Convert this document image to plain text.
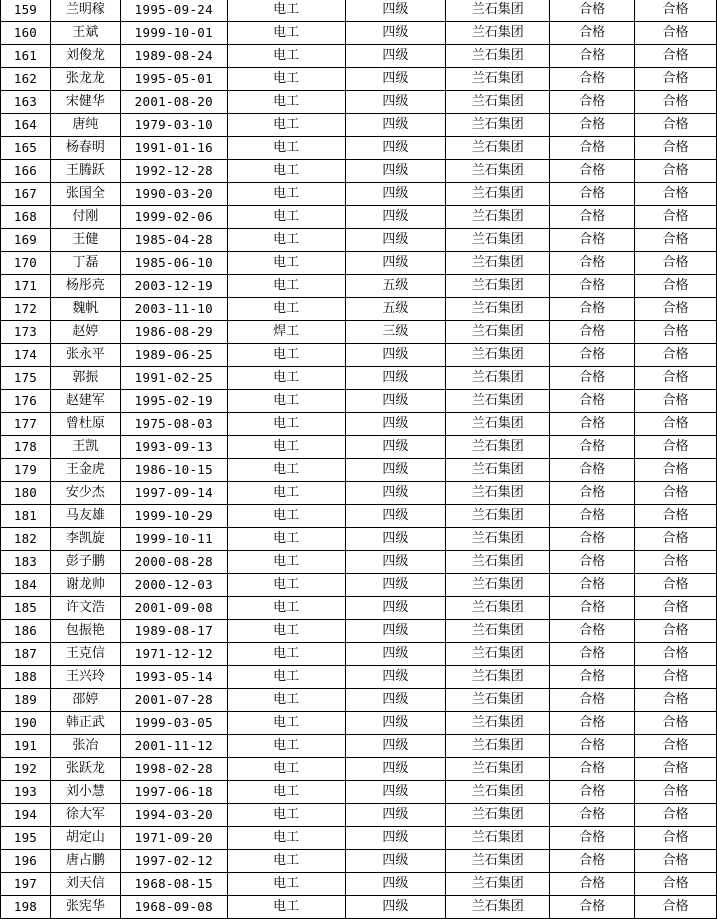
159	兰明稼	1995-09-24	电工	四级	兰石集团	合格	合格
160	王斌	1999-10-01	电工	四级	兰石集团	合格	合格
161	刘俊龙	1989-08-24	电工	四级	兰石集团	合格	合格
162	张龙龙	1995-05-01	电工	四级	兰石集团	合格	合格
163	宋健华	2001-08-20	电工	四级	兰石集团	合格	合格
164	唐纯	1979-03-10	电工	四级	兰石集团	合格	合格
165	杨春明	1991-01-16	电工	四级	兰石集团	合格	合格
166	王腾跃	1992-12-28	电工	四级	兰石集团	合格	合格
167	张国全	1990-03-20	电工	四级	兰石集团	合格	合格
168	付刚	1999-02-06	电工	四级	兰石集团	合格	合格
169	王健	1985-04-28	电工	四级	兰石集团	合格	合格
170	丁磊	1985-06-10	电工	四级	兰石集团	合格	合格
171	杨彤亮	2003-12-19	电工	五级	兰石集团	合格	合格
172	魏帆	2003-11-10	电工	五级	兰石集团	合格	合格
173	赵婷	1986-08-29	焊工	三级	兰石集团	合格	合格
174	张永平	1989-06-25	电工	四级	兰石集团	合格	合格
175	郭振	1991-02-25	电工	四级	兰石集团	合格	合格
176	赵建军	1995-02-19	电工	四级	兰石集团	合格	合格
177	曾杜原	1975-08-03	电工	四级	兰石集团	合格	合格
178	王凯	1993-09-13	电工	四级	兰石集团	合格	合格
179	王金虎	1986-10-15	电工	四级	兰石集团	合格	合格
180	安少杰	1997-09-14	电工	四级	兰石集团	合格	合格
181	马友雄	1999-10-29	电工	四级	兰石集团	合格	合格
182	李凯旋	1999-10-11	电工	四级	兰石集团	合格	合格
183	彭子鹏	2000-08-28	电工	四级	兰石集团	合格	合格
184	谢龙帅	2000-12-03	电工	四级	兰石集团	合格	合格
185	许文浩	2001-09-08	电工	四级	兰石集团	合格	合格
186	包振艳	1989-08-17	电工	四级	兰石集团	合格	合格
187	王克信	1971-12-12	电工	四级	兰石集团	合格	合格
188	王兴玲	1993-05-14	电工	四级	兰石集团	合格	合格
189	邵婷	2001-07-28	电工	四级	兰石集团	合格	合格
190	韩正武	1999-03-05	电工	四级	兰石集团	合格	合格
191	张冶	2001-11-12	电工	四级	兰石集团	合格	合格
192	张跃龙	1998-02-28	电工	四级	兰石集团	合格	合格
193	刘小慧	1997-06-18	电工	四级	兰石集团	合格	合格
194	徐大军	1994-03-20	电工	四级	兰石集团	合格	合格
195	胡定山	1971-09-20	电工	四级	兰石集团	合格	合格
196	唐占鹏	1997-02-12	电工	四级	兰石集团	合格	合格
197	刘天信	1968-08-15	电工	四级	兰石集团	合格	合格
198	张宪华	1968-09-08	电工	四级	兰石集团	合格	合格
